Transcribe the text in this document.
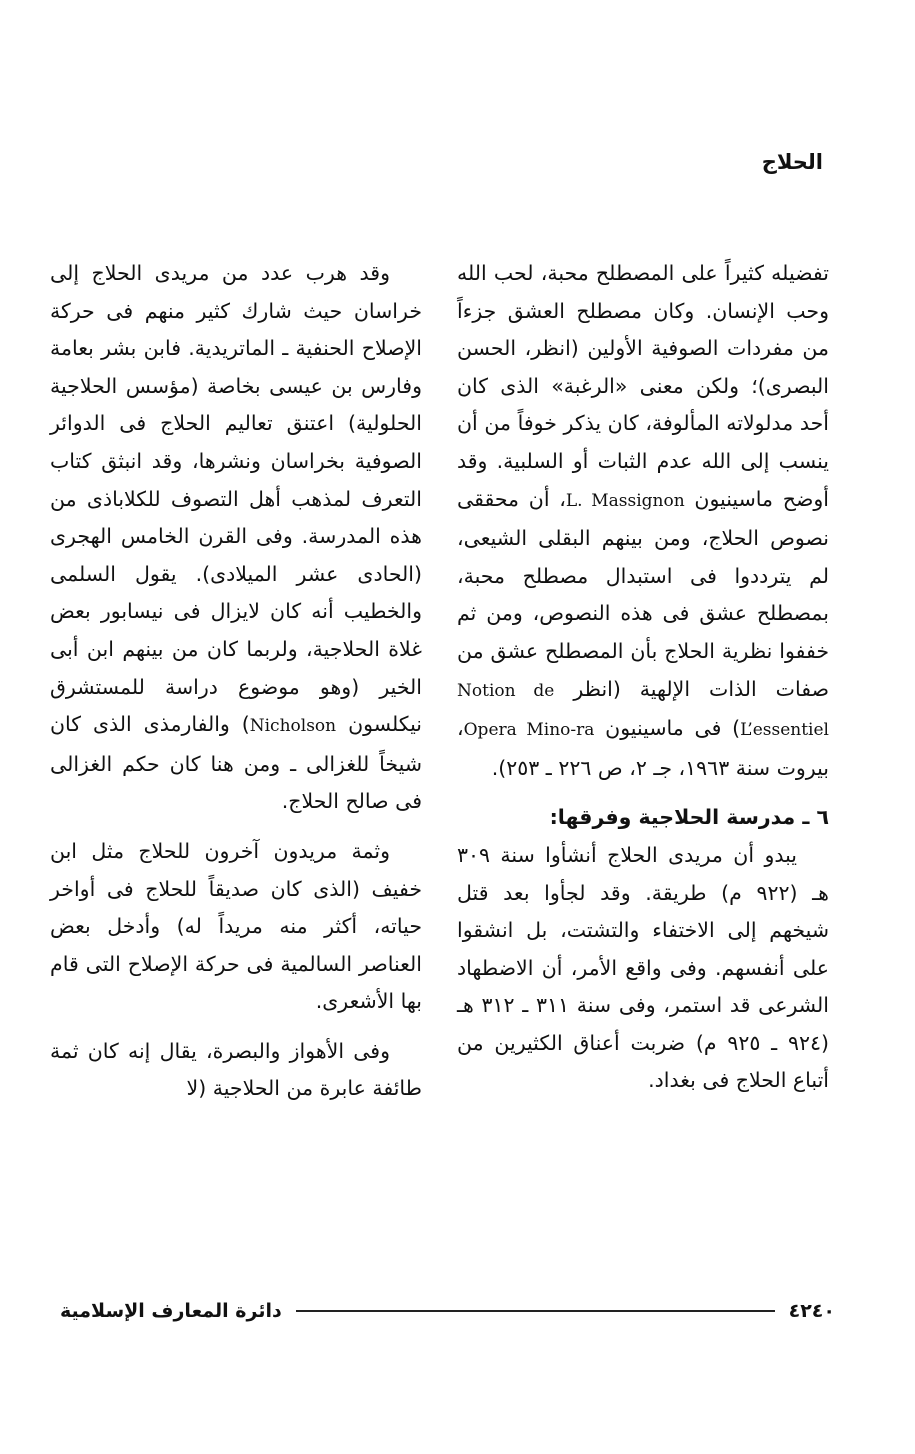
الحلاج

تفضيله كثيراً على المصطلح محبة، لحب الله وحب الإنسان. وكان مصطلح العشق جزءاً من مفردات الصوفية الأولين (انظر، الحسن البصرى)؛ ولكن معنى «الرغبة» الذى كان أحد مدلولاته المألوفة، كان يذكر خوفاً من أن ينسب إلى الله عدم الثبات أو السلبية. وقد أوضح ماسينيون L. Massignon، أن محققى نصوص الحلاج، ومن بينهم البقلى الشيعى، لم يترددوا فى استبدال مصطلح محبة، بمصطلح عشق فى هذه النصوص، ومن ثم خففوا نظرية الحلاج بأن المصطلح عشق من صفات الذات الإلهية (انظر Notion de L’essentiel) فى ماسينيون Opera Mino-ra، بيروت سنة ١٩٦٣، جـ ٢، ص ٢٢٦ ـ ٢٥٣).

٦ ـ مدرسة الحلاجية وفرقها:

يبدو أن مريدى الحلاج أنشأوا سنة ٣٠٩ هـ (٩٢٢ م) طريقة. وقد لجأوا بعد قتل شيخهم إلى الاختفاء والتشتت، بل انشقوا على أنفسهم. وفى واقع الأمر، أن الاضطهاد الشرعى قد استمر، وفى سنة ٣١١ ـ ٣١٢ هـ (٩٢٤ ـ ٩٢٥ م) ضربت أعناق الكثيرين من أتباع الحلاج فى بغداد.

وقد هرب عدد من مريدى الحلاج إلى خراسان حيث شارك كثير منهم فى حركة الإصلاح الحنفية ـ الماتريدية. فابن بشر بعامة وفارس بن عيسى بخاصة (مؤسس الحلاجية الحلولية) اعتنق تعاليم الحلاج فى الدوائر الصوفية بخراسان ونشرها، وقد انبثق كتاب التعرف لمذهب أهل التصوف للكلاباذى من هذه المدرسة. وفى القرن الخامس الهجرى (الحادى عشر الميلادى). يقول السلمى والخطيب أنه كان لايزال فى نيسابور بعض غلاة الحلاجية، ولربما كان من بينهم ابن أبى الخير (وهو موضوع دراسة للمستشرق نيكلسون Nicholson) والفارمذى الذى كان شيخاً للغزالى ـ ومن هنا كان حكم الغزالى فى صالح الحلاج.

وثمة مريدون آخرون للحلاج مثل ابن خفيف (الذى كان صديقاً للحلاج فى أواخر حياته، أكثر منه مريداً له) وأدخل بعض العناصر السالمية فى حركة الإصلاح التى قام بها الأشعرى.

وفى الأهواز والبصرة، يقال إنه كان ثمة طائفة عابرة من الحلاجية (لا

٤٢٤٠
دائرة المعارف الإسلامية
